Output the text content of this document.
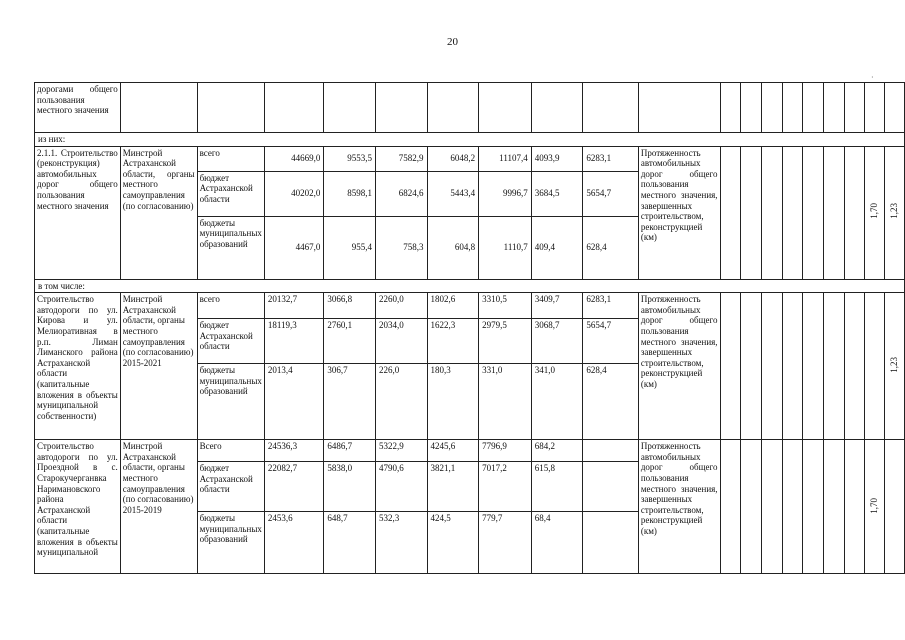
20
·
дорогами общего пользования местного значения																			
из них:																			
2.1.1. Строительство (реконструкция) автомобильных дорог общего пользования местного значения	Минстрой Астраханской области, органы местного самоуправления (по согласованию)	всего	44669,0	9553,5	7582,9	6048,2	11107,4	4093,9	6283,1	Протяженность автомобильных дорог общего пользования местного значения, завершенных строительством, реконструкцией (км)								1,70	1,23
		бюджет Астраханской области	40202,0	8598,1	6824,6	5443,4	9996,7	3684,5	5654,7										
		бюджеты муниципальных образований	4467,0	955,4	758,3	604,8	1110,7	409,4	628,4										
в том числе:																			
Строительство автодороги по ул. Кирова и ул. Мелиоративная в р.п. Лиман Лиманского района Астраханской области (капитальные вложения в объекты муниципальной собственности)	Минстрой Астраханской области, органы местного самоуправления (по согласованию) 2015-2021	всего	20132,7	3066,8	2260,0	1802,6	3310,5	3409,7	6283,1	Протяженность автомобильных дорог общего пользования местного значения, завершенных строительством, реконструкцией (км)									1,23
		бюджет Астраханской области	18119,3	2760,1	2034,0	1622,3	2979,5	3068,7	5654,7										
		бюджеты муниципальных образований	2013,4	306,7	226,0	180,3	331,0	341,0	628,4										
Строительство автодороги по ул. Проездной в с. Старокучерганвка Наримановского района Астраханской области (капитальные вложения в объекты муниципальной	Минстрой Астраханской области, органы местного самоуправления (по согласованию) 2015-2019	Всего	24536,3	6486,7	5322,9	4245,6	7796,9	684,2		Протяженность автомобильных дорог общего пользования местного значения, завершенных строительством, реконструкцией (км)								1,70	
		бюджет Астраханской области	22082,7	5838,0	4790,6	3821,1	7017,2	615,8											
		бюджеты муниципальных образований	2453,6	648,7	532,3	424,5	779,7	68,4											
